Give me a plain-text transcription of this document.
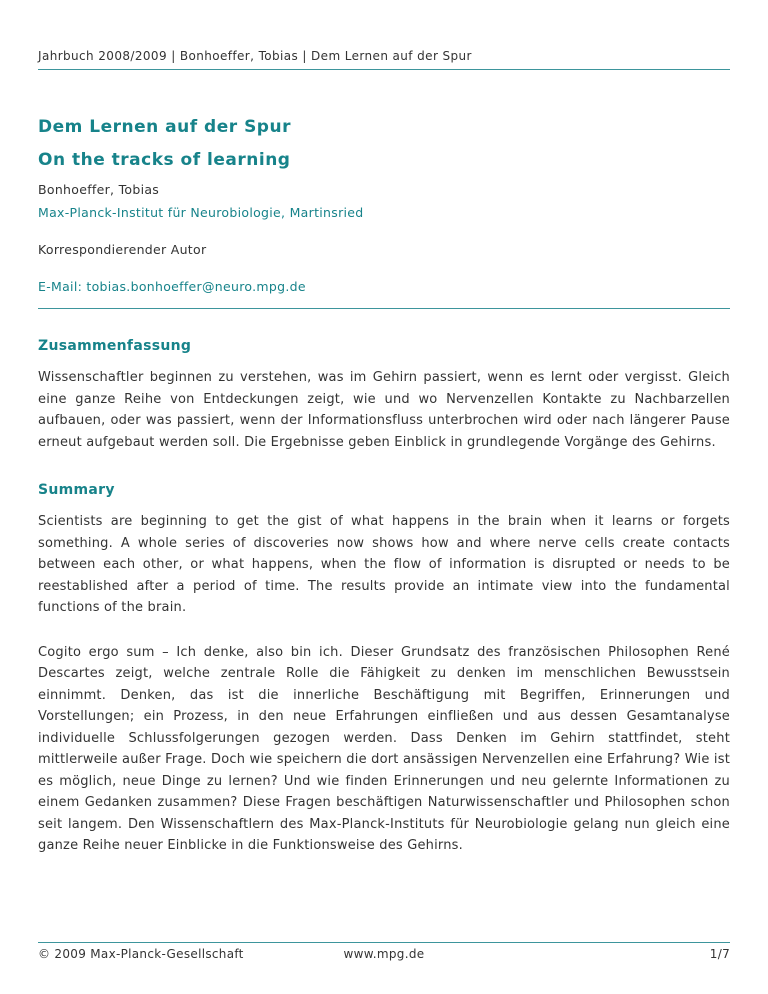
Jahrbuch 2008/2009 | Bonhoeffer, Tobias | Dem Lernen auf der Spur
Dem Lernen auf der Spur
On the tracks of learning

Bonhoeffer, Tobias

Max-Planck-Institut für Neurobiologie, Martinsried

Korrespondierender Autor

E-Mail: tobias.bonhoeffer@neuro.mpg.de
Zusammenfassung

Wissenschaftler beginnen zu verstehen, was im Gehirn passiert, wenn es lernt oder vergisst. Gleich eine ganze Reihe von Entdeckungen zeigt, wie und wo Nervenzellen Kontakte zu Nachbarzellen aufbauen, oder was passiert, wenn der Informationsfluss unterbrochen wird oder nach längerer Pause erneut aufgebaut werden soll. Die Ergebnisse geben Einblick in grundlegende Vorgänge des Gehirns.

Summary

Scientists are beginning to get the gist of what happens in the brain when it learns or forgets something. A whole series of discoveries now shows how and where nerve cells create contacts between each other, or what happens, when the flow of information is disrupted or needs to be reestablished after a period of time. The results provide an intimate view into the fundamental functions of the brain.

Cogito ergo sum – Ich denke, also bin ich. Dieser Grundsatz des französischen Philosophen René Descartes zeigt, welche zentrale Rolle die Fähigkeit zu denken im menschlichen Bewusstsein einnimmt. Denken, das ist die innerliche Beschäftigung mit Begriffen, Erinnerungen und Vorstellungen; ein Prozess, in den neue Erfahrungen einfließen und aus dessen Gesamtanalyse individuelle Schlussfolgerungen gezogen werden. Dass Denken im Gehirn stattfindet, steht mittlerweile außer Frage. Doch wie speichern die dort ansässigen Nervenzellen eine Erfahrung? Wie ist es möglich, neue Dinge zu lernen? Und wie finden Erinnerungen und neu gelernte Informationen zu einem Gedanken zusammen? Diese Fragen beschäftigen Naturwissenschaftler und Philosophen schon seit langem. Den Wissenschaftlern des Max-Planck-Instituts für Neurobiologie gelang nun gleich eine ganze Reihe neuer Einblicke in die Funktionsweise des Gehirns.

© 2009 Max-Planck-Gesellschaft	www.mpg.de	1/7
